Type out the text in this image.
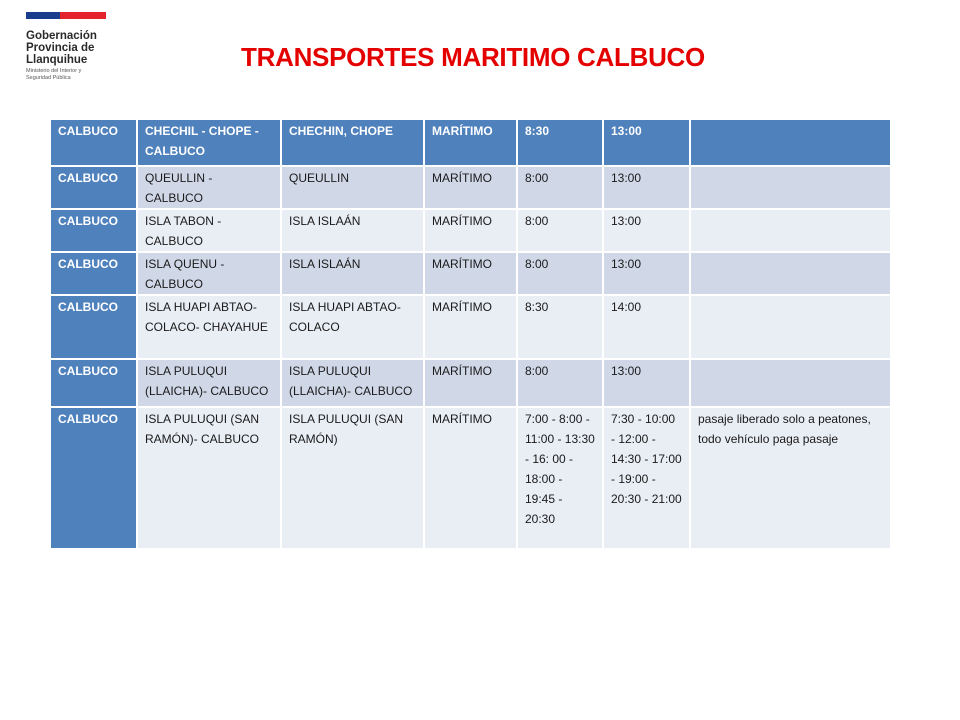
Gobernación
Provincia de
Llanquihue
Ministerio del Interior y
Seguridad Pública
TRANSPORTES MARITIMO CALBUCO
CALBUCO	CHECHIL - CHOPE - CALBUCO	CHECHIN, CHOPE	MARÍTIMO	8:30	13:00	
CALBUCO	QUEULLIN - CALBUCO	QUEULLIN	MARÍTIMO	8:00	13:00	
CALBUCO	ISLA TABON - CALBUCO	ISLA ISLAÁN	MARÍTIMO	8:00	13:00	
CALBUCO	ISLA QUENU - CALBUCO	ISLA ISLAÁN	MARÍTIMO	8:00	13:00	
CALBUCO	ISLA HUAPI ABTAO- COLACO- CHAYAHUE	ISLA HUAPI ABTAO- COLACO	MARÍTIMO	8:30	14:00	
CALBUCO	ISLA PULUQUI (LLAICHA)- CALBUCO	ISLA PULUQUI (LLAICHA)- CALBUCO	MARÍTIMO	8:00	13:00	
CALBUCO	ISLA PULUQUI (SAN RAMÓN)- CALBUCO	ISLA PULUQUI (SAN RAMÓN)	MARÍTIMO	7:00 - 8:00 - 11:00 - 13:30 - 16: 00 - 18:00 - 19:45 - 20:30	7:30 - 10:00 - 12:00 - 14:30 - 17:00 - 19:00 - 20:30 - 21:00	pasaje liberado solo a peatones, todo vehículo paga pasaje
